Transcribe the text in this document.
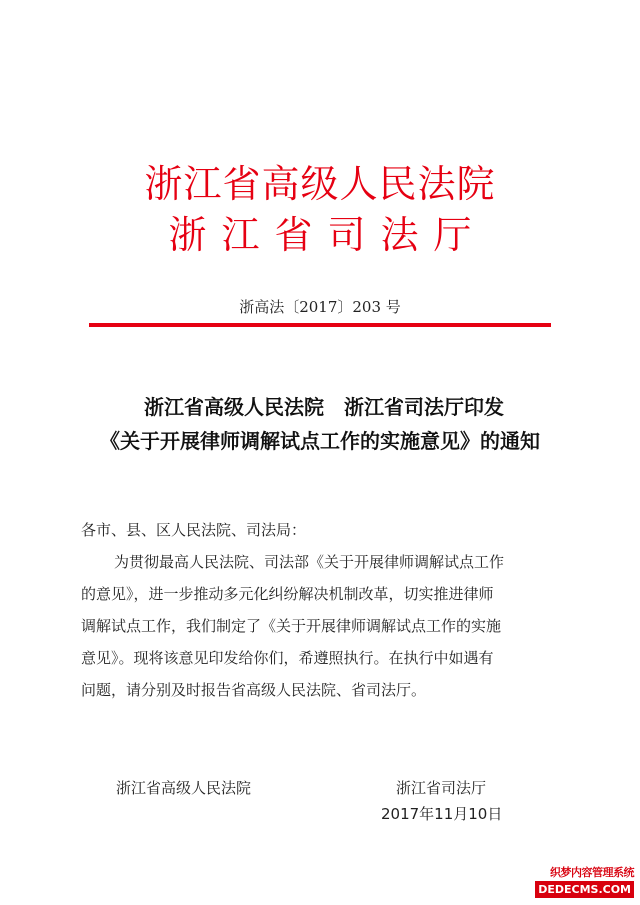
浙江省高级人民法院
浙江省司法厅
浙高法〔2017〕203 号
浙江省高级人民法院　浙江省司法厅印发
《关于开展律师调解试点工作的实施意见》的通知
各市、县、区人民法院、司法局：
为贯彻最高人民法院、司法部《关于开展律师调解试点工作
的意见》，进一步推动多元化纠纷解决机制改革，切实推进律师
调解试点工作，我们制定了《关于开展律师调解试点工作的实施
意见》。现将该意见印发给你们，希遵照执行。在执行中如遇有
问题，请分别及时报告省高级人民法院、省司法厅。
浙江省高级人民法院	浙江省司法厅
2017年11月10日
织梦内容管理系统
DEDECMS.COM
